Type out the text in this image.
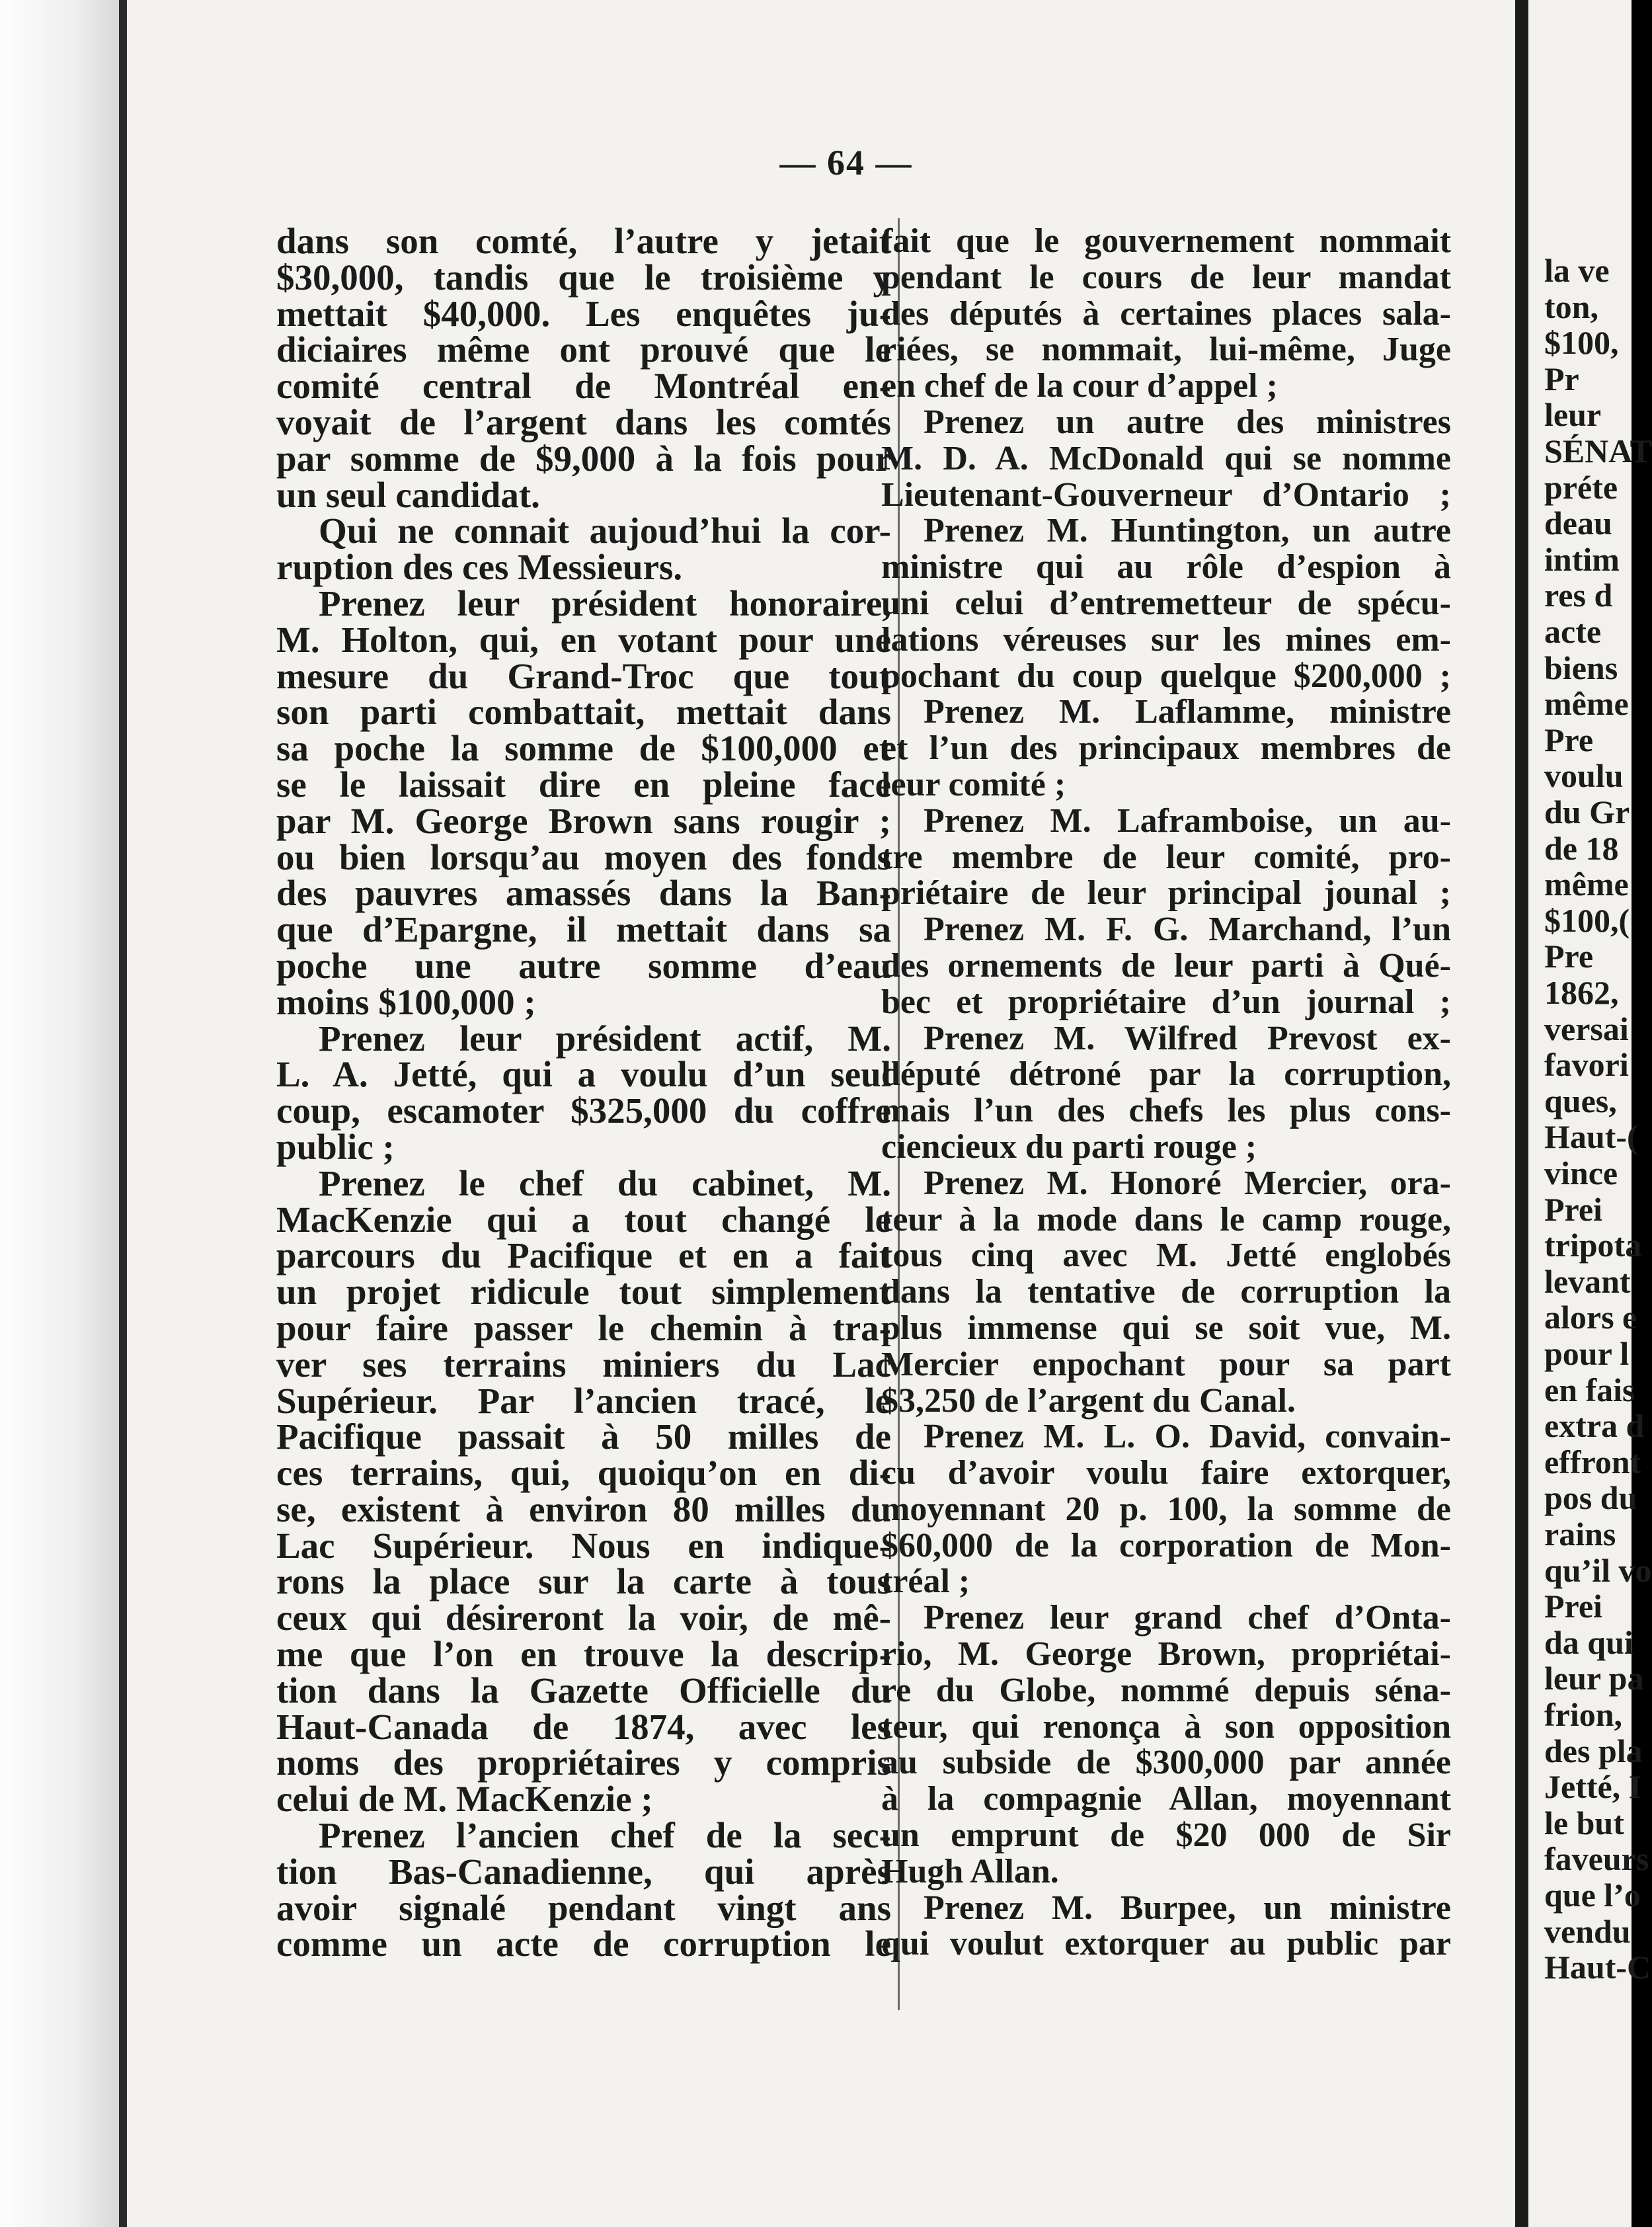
— 64 —
dans son comté, l’autre y jetait
$30,000, tandis que le troisième y
mettait $40,000. Les enquêtes ju-
diciaires même ont prouvé que le
comité central de Montréal en-
voyait de l’argent dans les comtés
par somme de $9,000 à la fois pour
un seul candidat.
Qui ne connait aujoud’hui la cor-
ruption des ces Messieurs.
Prenez leur président honoraire,
M. Holton, qui, en votant pour une
mesure du Grand-Troc que tout
son parti combattait, mettait dans
sa poche la somme de $100,000 et
se le laissait dire en pleine face
par M. George Brown sans rougir ;
ou bien lorsqu’au moyen des fonds
des pauvres amassés dans la Ban-
que d’Epargne, il mettait dans sa
poche une autre somme d’eau
moins $100,000 ;
Prenez leur président actif, M.
L. A. Jetté, qui a voulu d’un seul
coup, escamoter $325,000 du coffre
public ;
Prenez le chef du cabinet, M.
MacKenzie qui a tout changé le
parcours du Pacifique et en a fait
un projet ridicule tout simplement
pour faire passer le chemin à tra-
ver ses terrains miniers du Lac
Supérieur. Par l’ancien tracé, le
Pacifique passait à 50 milles de
ces terrains, qui, quoiqu’on en di-
se, existent à environ 80 milles du
Lac Supérieur. Nous en indique-
rons la place sur la carte à tous
ceux qui désireront la voir, de mê-
me que l’on en trouve la descrip-
tion dans la Gazette Officielle du
Haut-Canada de 1874, avec les
noms des propriétaires y compris
celui de M. MacKenzie ;
Prenez l’ancien chef de la sec-
tion Bas-Canadienne, qui après
avoir signalé pendant vingt ans
comme un acte de corruption le
fait que le gouvernement nommait
pendant le cours de leur mandat
des députés à certaines places sala-
riées, se nommait, lui-même, Juge
en chef de la cour d’appel ;
Prenez un autre des ministres
M. D. A. McDonald qui se nomme
Lieutenant-Gouverneur d’Ontario ;
Prenez M. Huntington, un autre
ministre qui au rôle d’espion à
uni celui d’entremetteur de spécu-
lations véreuses sur les mines em-
pochant du coup quelque $200,000 ;
Prenez M. Laflamme, ministre
et l’un des principaux membres de
leur comité ;
Prenez M. Laframboise, un au-
tre membre de leur comité, pro-
priétaire de leur principal jounal ;
Prenez M. F. G. Marchand, l’un
des ornements de leur parti à Qué-
bec et propriétaire d’un journal ;
Prenez M. Wilfred Prevost ex-
député détroné par la corruption,
mais l’un des chefs les plus cons-
ciencieux du parti rouge ;
Prenez M. Honoré Mercier, ora-
teur à la mode dans le camp rouge,
tous cinq avec M. Jetté englobés
dans la tentative de corruption la
plus immense qui se soit vue, M.
Mercier enpochant pour sa part
$3,250 de l’argent du Canal.
Prenez M. L. O. David, convain-
cu d’avoir voulu faire extorquer,
moyennant 20 p. 100, la somme de
$60,000 de la corporation de Mon-
tréal ;
Prenez leur grand chef d’Onta-
rio, M. George Brown, propriétai-
re du Globe, nommé depuis séna-
teur, qui renonça à son opposition
au subside de $300,000 par année
à la compagnie Allan, moyennant
un emprunt de $20 000 de Sir
Hugh Allan.
Prenez M. Burpee, un ministre
qui voulut extorquer au public par
la ve
ton,
$100,
Pr
leur
SÉNAT
préte
deau
intim
res d
acte
biens
même
Pre
voulu
du Gr
de 18
même
$100,(
Pre
1862,
versai
favori
ques,
Haut-(
vince
Prei
tripota
levant
alors e
pour l
en fais
extra d
effront
pos du
rains
qu’il vo
Prei
da qui
leur pa
frion,
des pla
Jetté, I
le but
faveurs
que l’o
vendu
Haut-C
